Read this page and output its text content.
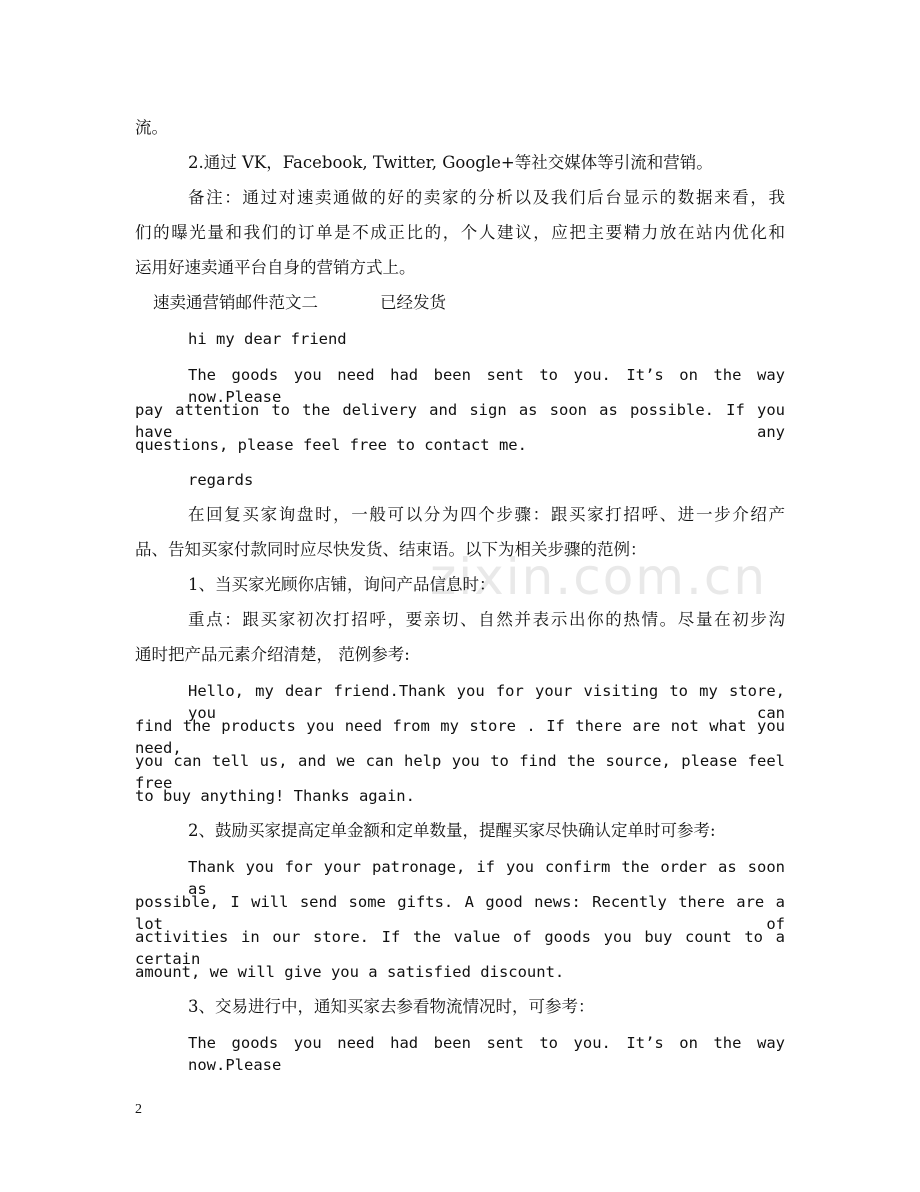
zixin.com.cn
流。
2.通过 VK，Facebook, Twitter, Google+等社交媒体等引流和营销。
备注：通过对速卖通做的好的卖家的分析以及我们后台显示的数据来看，我
们的曝光量和我们的订单是不成正比的，个人建议，应把主要精力放在站内优化和
运用好速卖通平台自身的营销方式上。
速卖通营销邮件范文二	已经发货
hi my dear friend
The goods you need had been sent to you. It’s on the way now.Please
pay attention to the delivery and sign as soon as possible. If you have any
questions, please feel free to contact me.
regards
在回复买家询盘时，一般可以分为四个步骤：跟买家打招呼、进一步介绍产
品、告知买家付款同时应尽快发货、结束语。以下为相关步骤的范例：
1、当买家光顾你店铺，询问产品信息时：
重点：跟买家初次打招呼，要亲切、自然并表示出你的热情。尽量在初步沟
通时把产品元素介绍清楚， 范例参考:
Hello, my dear friend.Thank you for your visiting to my store, you can
find the products you need from my store . If there are not what you need,
you can tell us, and we can help you to find the source, please feel free
to buy anything! Thanks again.
2、鼓励买家提高定单金额和定单数量，提醒买家尽快确认定单时可参考:
Thank you for your patronage, if you confirm the order as soon as
possible, I will send some gifts. A good news: Recently there are a lot of
activities in our store. If the value of goods you buy count to a certain
amount, we will give you a satisfied discount.
3、交易进行中，通知买家去参看物流情况时，可参考：
The goods you need had been sent to you. It’s on the way now.Please
2
